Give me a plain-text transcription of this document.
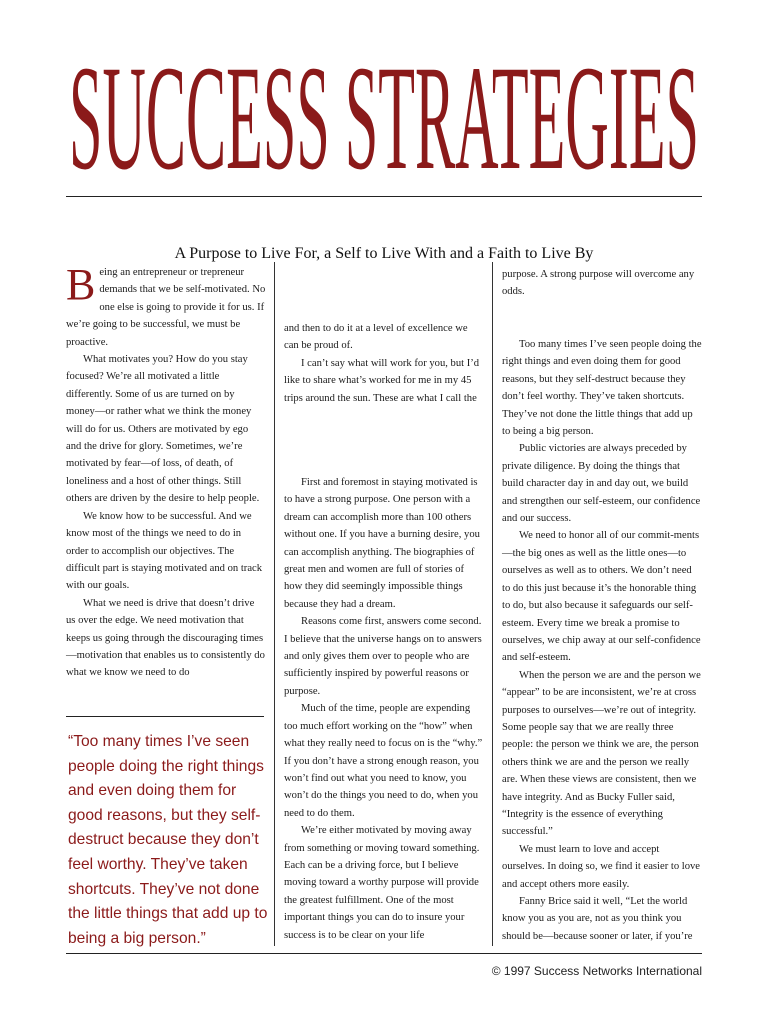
SUCCESS STRATEGIES
A Purpose to Live For, a Self to Live With and a Faith to Live By

Being an entrepreneur or trepreneur demands that we be self-motivated. No one else is going to provide it for us. If we’re going to be successful, we must be proactive.

What motivates you? How do you stay focused? We’re all motivated a little differently. Some of us are turned on by money—or rather what we think the money will do for us. Others are motivated by ego and the drive for glory. Sometimes, we’re motivated by fear—of loss, of death, of loneliness and a host of other things. Still others are driven by the desire to help people.

We know how to be successful. And we know most of the things we need to do in order to accomplish our objectives. The difficult part is staying motivated and on track with our goals.

What we need is drive that doesn’t drive us over the edge. We need motivation that keeps us going through the discouraging times—motivation that enables us to consistently do what we know we need to do

“Too many times I’ve seen people doing the right things and even doing them for good reasons, but they self-destruct because they don’t feel worthy. They’ve taken shortcuts. They’ve not done the little things that add up to being a big person.”

and then to do it at a level of excellence we can be proud of.

I can’t say what will work for you, but I’d like to share what’s worked for me in my 45 trips around the sun. These are what I call the

First and foremost in staying motivated is to have a strong purpose. One person with a dream can accomplish more than 100 others without one. If you have a burning desire, you can accomplish anything. The biographies of great men and women are full of stories of how they did seemingly impossible things because they had a dream.

Reasons come first, answers come second. I believe that the universe hangs on to answers and only gives them over to people who are sufficiently inspired by powerful reasons or purpose.

Much of the time, people are expending too much effort working on the “how” when what they really need to focus on is the “why.” If you don’t have a strong enough reason, you won’t find out what you need to know, you won’t do the things you need to do, when you need to do them.

We’re either motivated by moving away from something or moving toward something. Each can be a driving force, but I believe moving toward a worthy purpose will provide the greatest fulfillment. One of the most important things you can do to insure your success is to be clear on your life

purpose. A strong purpose will overcome any odds.

Too many times I’ve seen people doing the right things and even doing them for good reasons, but they self-destruct because they don’t feel worthy. They’ve taken shortcuts. They’ve not done the little things that add up to being a big person.

Public victories are always preceded by private diligence. By doing the things that build character day in and day out, we build and strengthen our self-esteem, our confidence and our success.

We need to honor all of our commit-ments—the big ones as well as the little ones—to ourselves as well as to others. We don’t need to do this just because it’s the honorable thing to do, but also because it safeguards our self-esteem. Every time we break a promise to ourselves, we chip away at our self-confidence and self-esteem.

When the person we are and the person we “appear” to be are inconsistent, we’re at cross purposes to ourselves—we’re out of integrity. Some people say that we are really three people: the person we think we are, the person others think we are and the person we really are. When these views are consistent, then we have integrity. And as Bucky Fuller said, “Integrity is the essence of everything successful.”

We must learn to love and accept ourselves. In doing so, we find it easier to love and accept others more easily.

Fanny Brice said it well, “Let the world know you as you are, not as you think you should be—because sooner or later, if you’re

© 1997 Success Networks International
